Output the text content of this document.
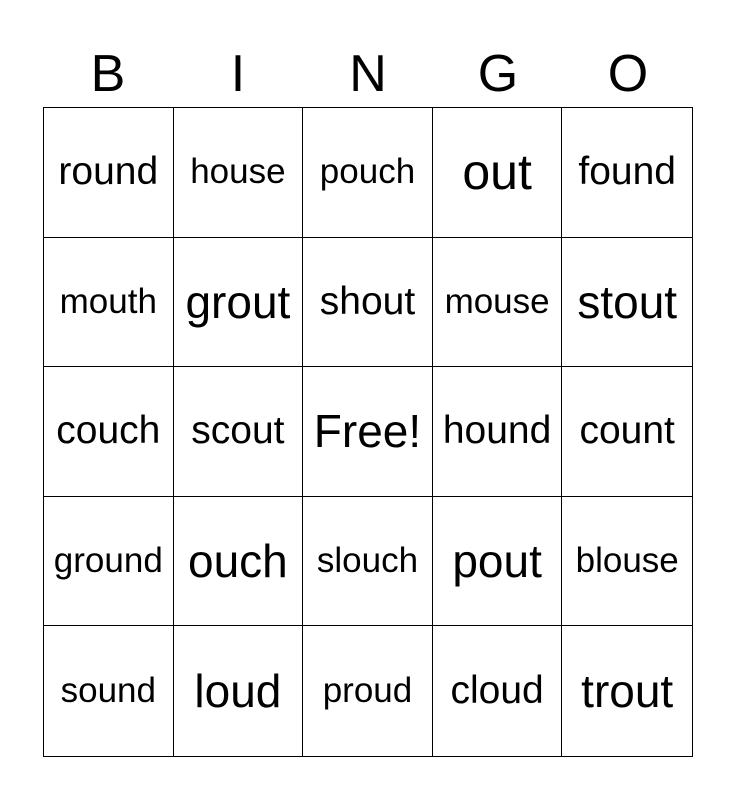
B	I	N	G	O
round house pouch out	found
mouth grout shout mouse stout
couch scout Free! hound count
ground ouch slouch pout blouse
sound loud	proud cloud trout
